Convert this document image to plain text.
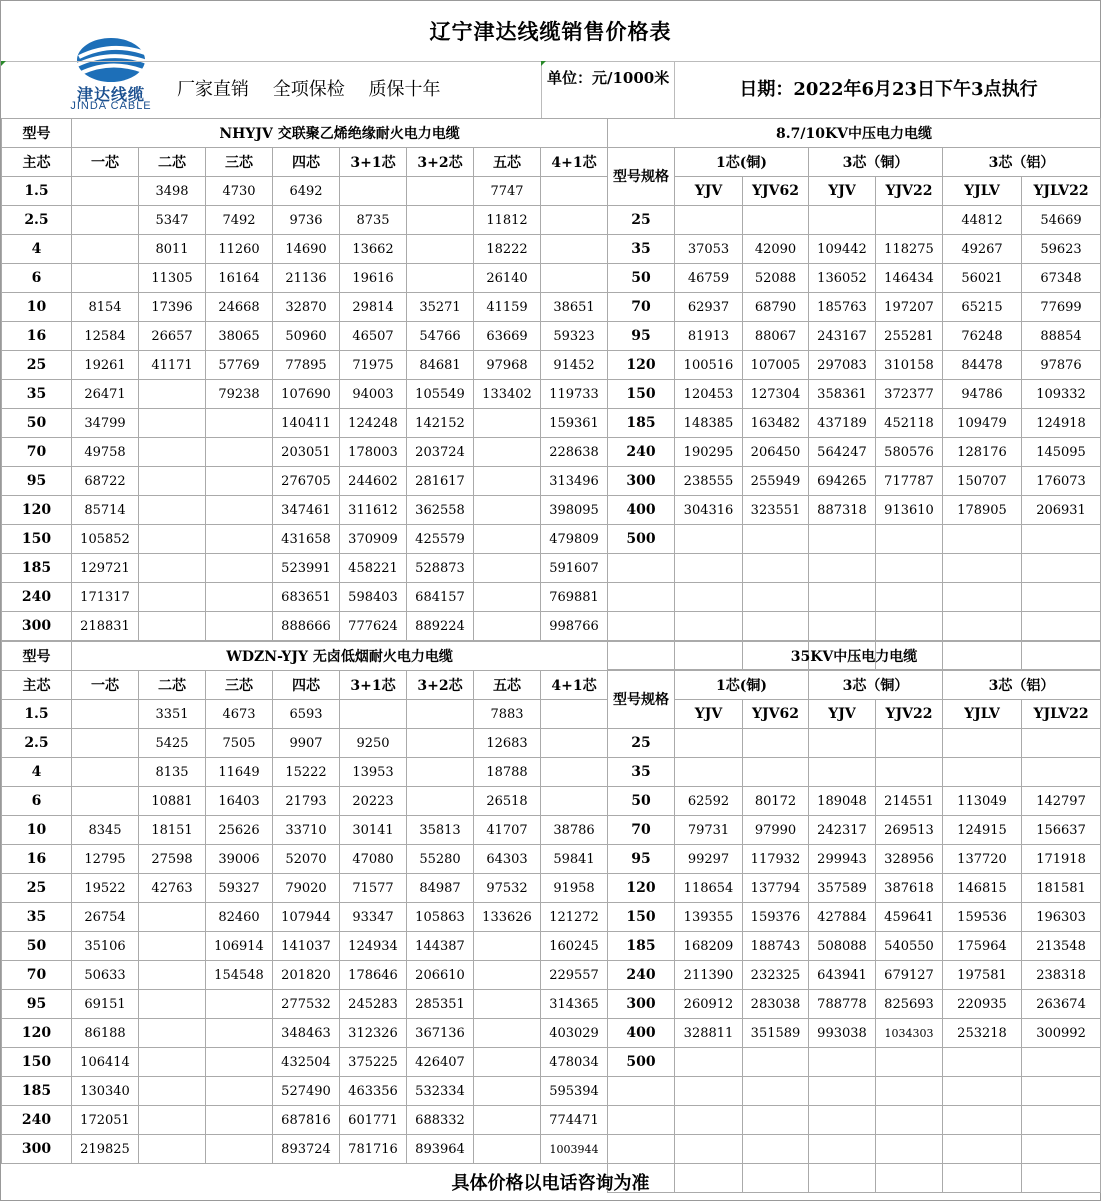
辽宁津达线缆销售价格表
津达线缆
JINDA CABLE
厂家直销 全项保检 质保十年
单位：元/1000米
日期：2022年6月23日下午3点执行
型号	NHYJV 交联聚乙烯绝缘耐火电力电缆							
主芯	一芯	二芯	三芯	四芯	3+1芯	3+2芯	五芯	4+1芯
1.5		3498	4730	6492			7747	
2.5		5347	7492	9736	8735		11812	
4		8011	11260	14690	13662		18222	
6		11305	16164	21136	19616		26140	
10	8154	17396	24668	32870	29814	35271	41159	38651
16	12584	26657	38065	50960	46507	54766	63669	59323
25	19261	41171	57769	77895	71975	84681	97968	91452
35	26471		79238	107690	94003	105549	133402	119733
50	34799			140411	124248	142152		159361
70	49758			203051	178003	203724		228638
95	68722			276705	244602	281617		313496
120	85714			347461	311612	362558		398095
150	105852			431658	370909	425579		479809
185	129721			523991	458221	528873		591607
240	171317			683651	598403	684157		769881
300	218831			888666	777624	889224		998766
8.7/10KV中压电力电缆						
型号规格	1芯(铜)		3芯（铜）		3芯（铝）	
	YJV	YJV62	YJV	YJV22	YJLV	YJLV22
25					44812	54669
35	37053	42090	109442	118275	49267	59623
50	46759	52088	136052	146434	56021	67348
70	62937	68790	185763	197207	65215	77699
95	81913	88067	243167	255281	76248	88854
120	100516	107005	297083	310158	84478	97876
150	120453	127304	358361	372377	94786	109332
185	148385	163482	437189	452118	109479	124918
240	190295	206450	564247	580576	128176	145095
300	238555	255949	694265	717787	150707	176073
400	304316	323551	887318	913610	178905	206931
500						

型号	WDZN-YJY 无卤低烟耐火电力电缆							
主芯	一芯	二芯	三芯	四芯	3+1芯	3+2芯	五芯	4+1芯
1.5		3351	4673	6593			7883	
2.5		5425	7505	9907	9250		12683	
4		8135	11649	15222	13953		18788	
6		10881	16403	21793	20223		26518	
10	8345	18151	25626	33710	30141	35813	41707	38786
16	12795	27598	39006	52070	47080	55280	64303	59841
25	19522	42763	59327	79020	71577	84987	97532	91958
35	26754		82460	107944	93347	105863	133626	121272
50	35106		106914	141037	124934	144387		160245
70	50633		154548	201820	178646	206610		229557
95	69151			277532	245283	285351		314365
120	86188			348463	312326	367136		403029
150	106414			432504	375225	426407		478034
185	130340			527490	463356	532334		595394
240	172051			687816	601771	688332		774471
300	219825			893724	781716	893964		1003944
35KV中压电力电缆						
型号规格	1芯(铜)		3芯（铜）		3芯（铝）	
	YJV	YJV62	YJV	YJV22	YJLV	YJLV22
25						
35						
50	62592	80172	189048	214551	113049	142797
70	79731	97990	242317	269513	124915	156637
95	99297	117932	299943	328956	137720	171918
120	118654	137794	357589	387618	146815	181581
150	139355	159376	427884	459641	159536	196303
185	168209	188743	508088	540550	175964	213548
240	211390	232325	643941	679127	197581	238318
300	260912	283038	788778	825693	220935	263674
400	328811	351589	993038	1034303	253218	300992
500						

具体价格以电话咨询为准
